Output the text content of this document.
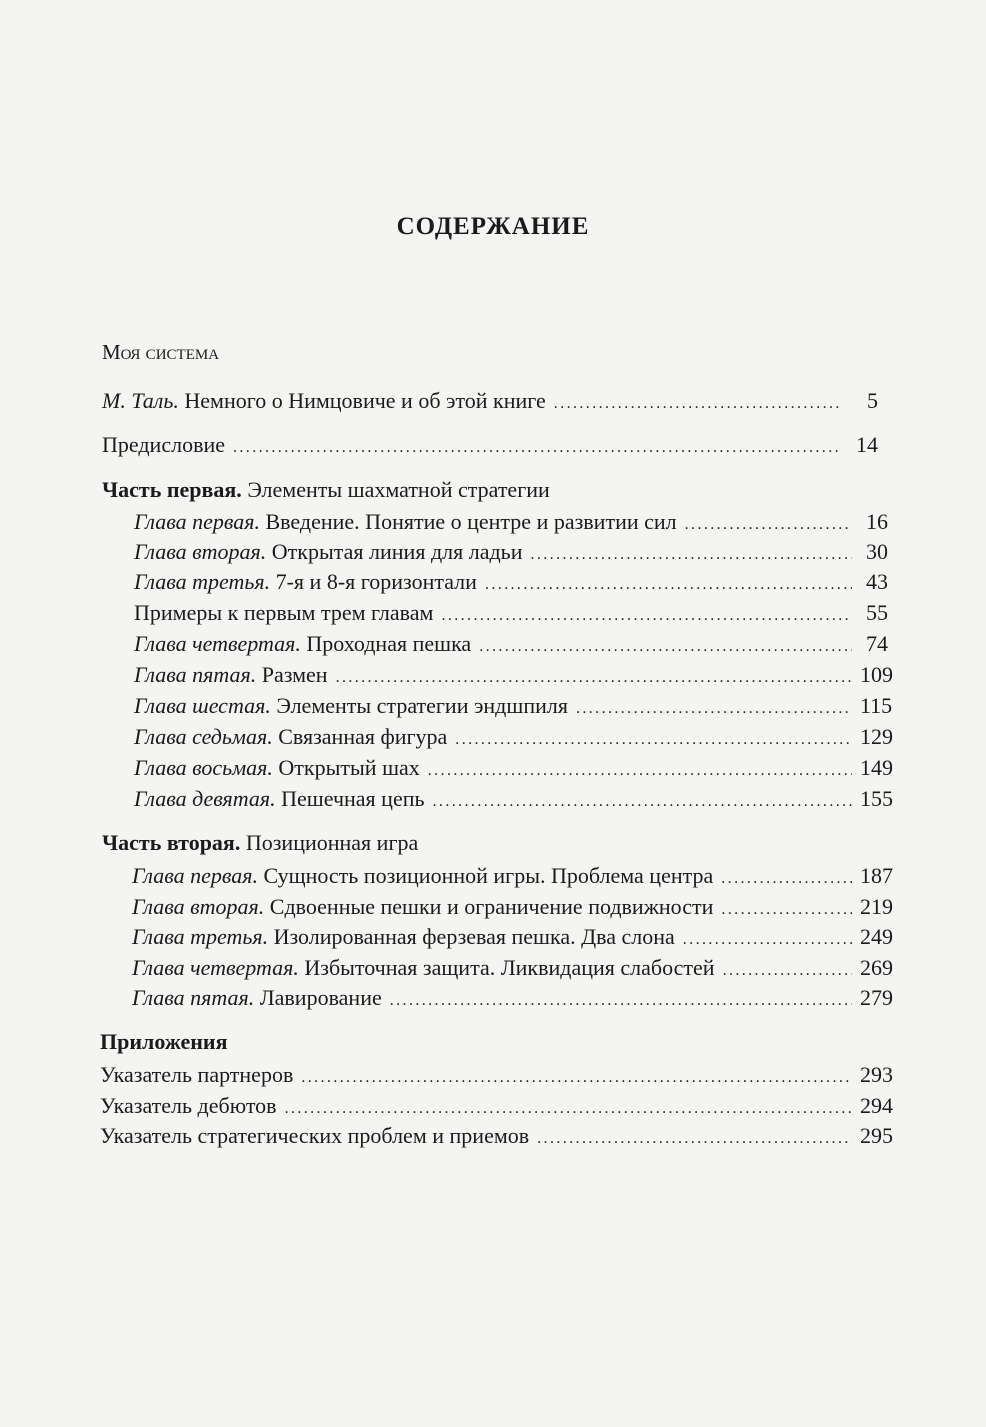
СОДЕРЖАНИЕ
Моя система
М. Таль. Немного о Нимцовиче и об этой книге .....	5
Предисловие .....	14
Часть первая. Элементы шахматной стратегии
Глава первая. Введение. Понятие о центре и развитии сил .....	16
Глава вторая. Открытая линия для ладьи .....	30
Глава третья. 7-я и 8-я горизонтали .....	43
Примеры к первым трем главам .....	55
Глава четвертая. Проходная пешка .....	74
Глава пятая. Размен .....	109
Глава шестая. Элементы стратегии эндшпиля .....	115
Глава седьмая. Связанная фигура .....	129
Глава восьмая. Открытый шах .....	149
Глава девятая. Пешечная цепь .....	155
Часть вторая. Позиционная игра
Глава первая. Сущность позиционной игры. Проблема центра .....	187
Глава вторая. Сдвоенные пешки и ограничение подвижности .....	219
Глава третья. Изолированная ферзевая пешка. Два слона .....	249
Глава четвертая. Избыточная защита. Ликвидация слабостей .....	269
Глава пятая. Лавирование .....	279
Приложения
Указатель партнеров .....	293
Указатель дебютов .....	294
Указатель стратегических проблем и приемов .....	295
